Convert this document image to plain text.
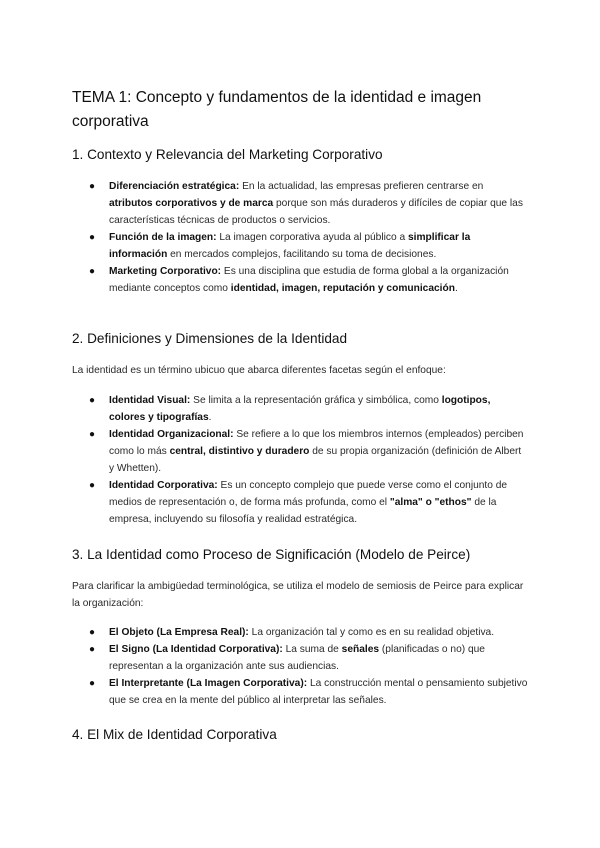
TEMA 1: Concepto y fundamentos de la identidad e imagen corporativa
1. Contexto y Relevancia del Marketing Corporativo
● Diferenciación estratégica: En la actualidad, las empresas prefieren centrarse en atributos corporativos y de marca porque son más duraderos y difíciles de copiar que las características técnicas de productos o servicios.
● Función de la imagen: La imagen corporativa ayuda al público a simplificar la información en mercados complejos, facilitando su toma de decisiones.
● Marketing Corporativo: Es una disciplina que estudia de forma global a la organización mediante conceptos como identidad, imagen, reputación y comunicación.
2. Definiciones y Dimensiones de la Identidad

La identidad es un término ubicuo que abarca diferentes facetas según el enfoque:

● Identidad Visual: Se limita a la representación gráfica y simbólica, como logotipos, colores y tipografías.
● Identidad Organizacional: Se refiere a lo que los miembros internos (empleados) perciben como lo más central, distintivo y duradero de su propia organización (definición de Albert y Whetten).
● Identidad Corporativa: Es un concepto complejo que puede verse como el conjunto de medios de representación o, de forma más profunda, como el "alma" o "ethos" de la empresa, incluyendo su filosofía y realidad estratégica.
3. La Identidad como Proceso de Significación (Modelo de Peirce)

Para clarificar la ambigüedad terminológica, se utiliza el modelo de semiosis de Peirce para explicar la organización:

● El Objeto (La Empresa Real): La organización tal y como es en su realidad objetiva.
● El Signo (La Identidad Corporativa): La suma de señales (planificadas o no) que representan a la organización ante sus audiencias.
● El Interpretante (La Imagen Corporativa): La construcción mental o pensamiento subjetivo que se crea en la mente del público al interpretar las señales.
4. El Mix de Identidad Corporativa
